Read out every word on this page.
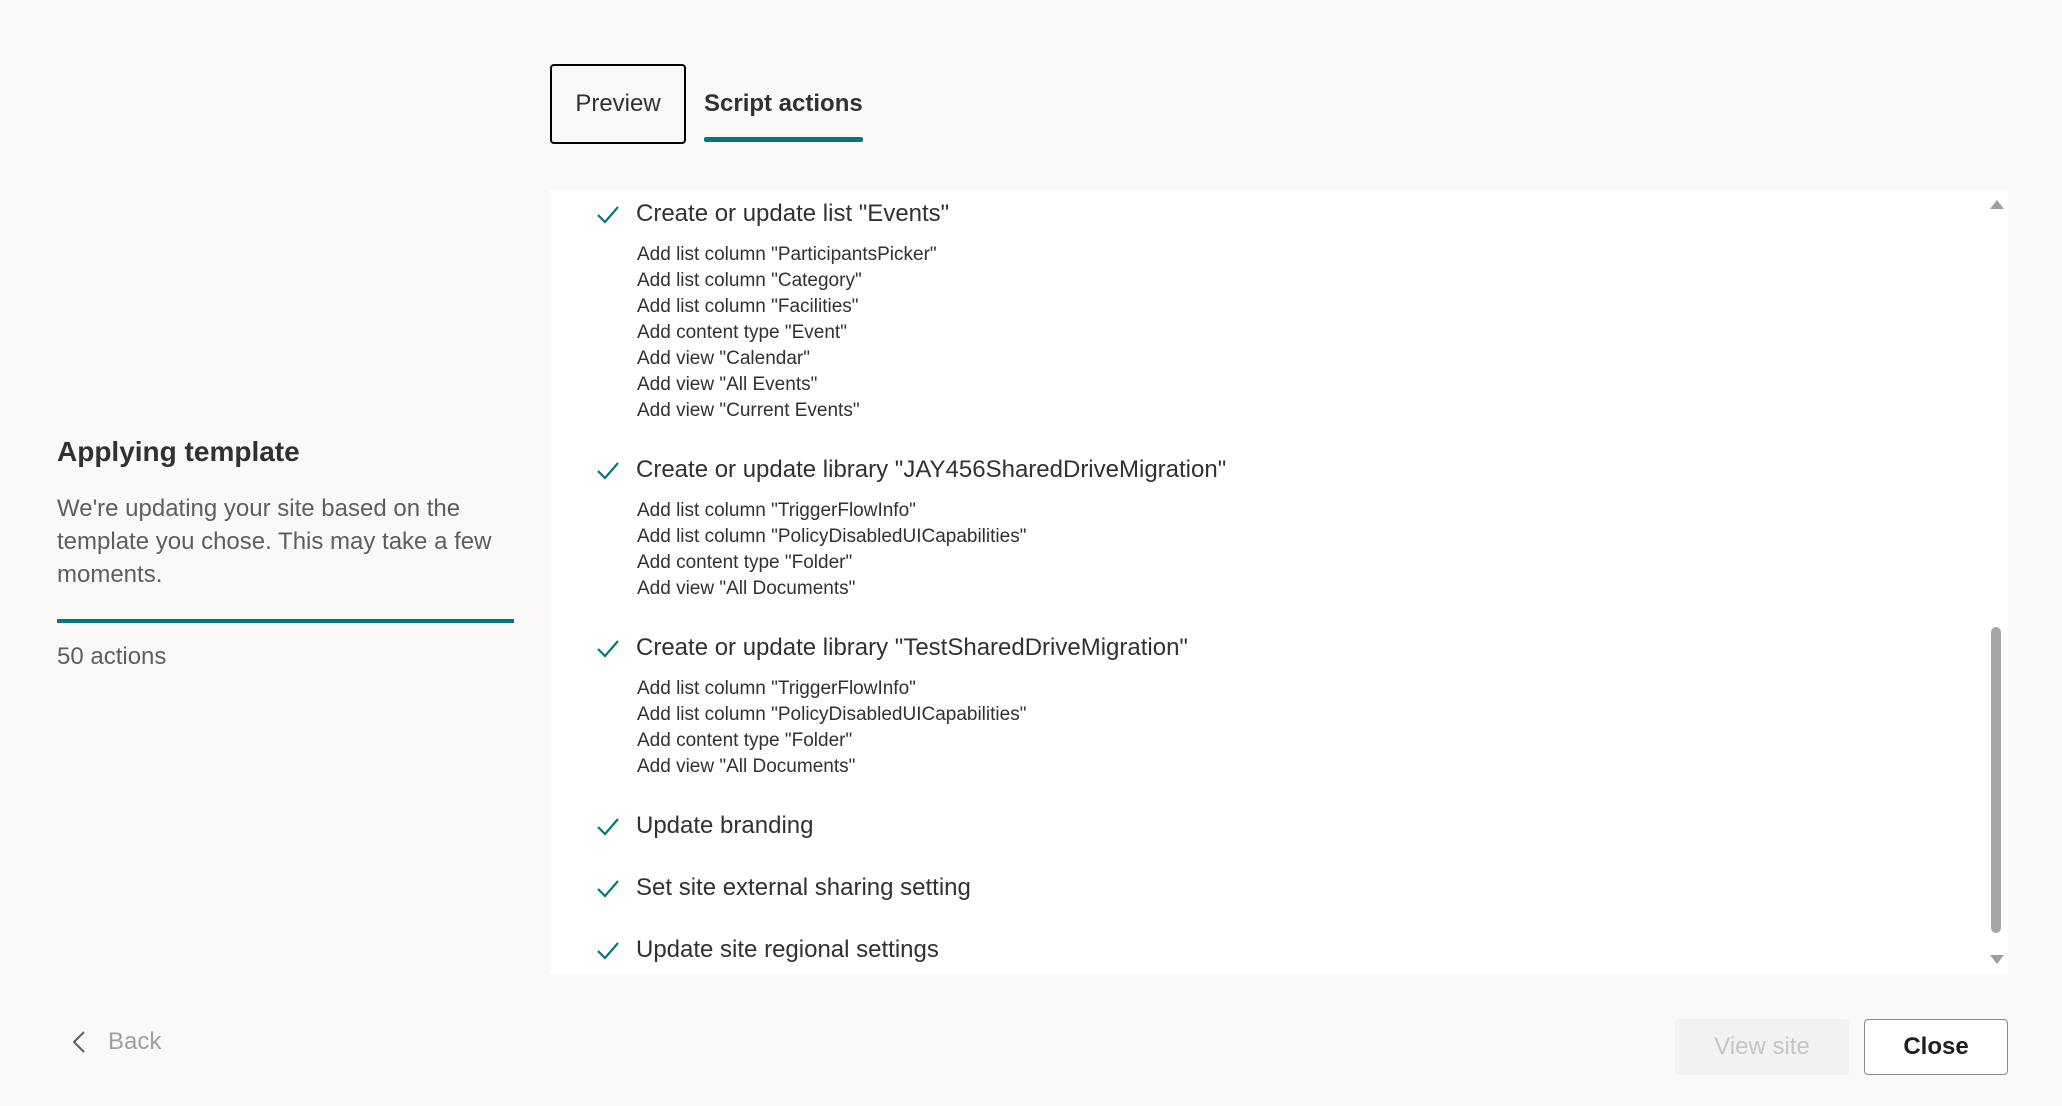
Applying template

We're updating your site based on the template you chose. This may take a few moments.

50 actions
Preview Script actions
Create or update list "Events"
Add list column "ParticipantsPicker"
Add list column "Category"
Add list column "Facilities"
Add content type "Event"
Add view "Calendar"
Add view "All Events"
Add view "Current Events"
Create or update library "JAY456SharedDriveMigration"
Add list column "TriggerFlowInfo"
Add list column "PolicyDisabledUICapabilities"
Add content type "Folder"
Add view "All Documents"
Create or update library "TestSharedDriveMigration"
Add list column "TriggerFlowInfo"
Add list column "PolicyDisabledUICapabilities"
Add content type "Folder"
Add view "All Documents"
Update branding
Set site external sharing setting
Update site regional settings
Back	View site	Close
